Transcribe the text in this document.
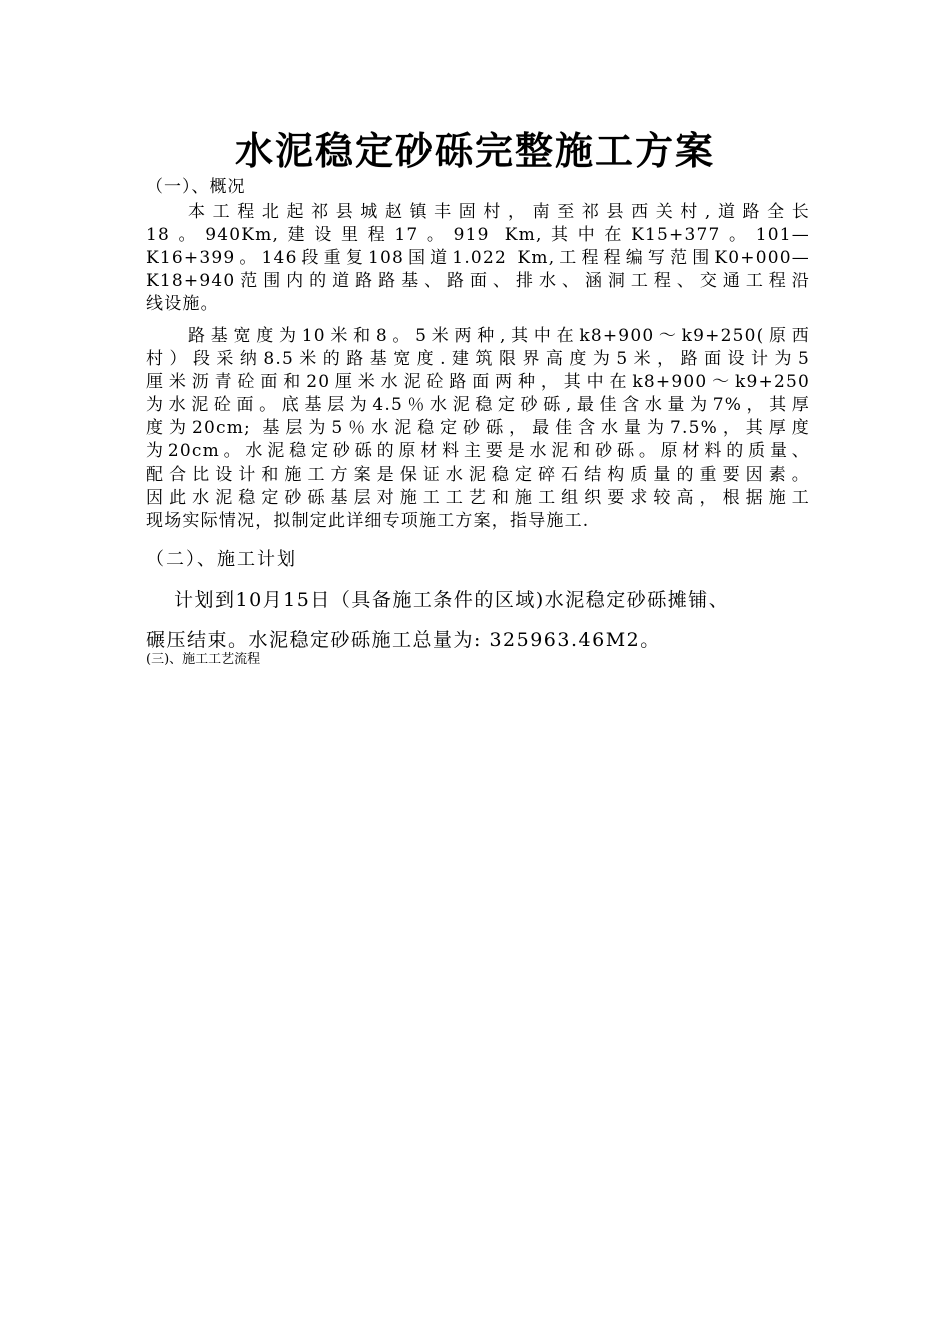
水泥稳定砂砾完整施工方案
（一）、概况
本工程北起祁县城赵镇丰固村，南至祁县西关村,道路全长
18。940Km,建设里程17。919 Km,其中在K15+377。101—
K16+399。146段重复108国道1.022 Km,工程程编写范围K0+000—
K18+940范围内的道路路基、路面、排水、涵洞工程、交通工程沿
线设施。
路基宽度为10米和8。5米两种,其中在k8+900～k9+250(原西
村）段采纳8.5米的路基宽度.建筑限界高度为5米，路面设计为5
厘米沥青砼面和20厘米水泥砼路面两种，其中在k8+900～k9+250
为水泥砼面。底基层为4.5％水泥稳定砂砾,最佳含水量为7%，其厚
度为20cm; 基层为5％水泥稳定砂砾，最佳含水量为7.5%，其厚度
为20cm。水泥稳定砂砾的原材料主要是水泥和砂砾。原材料的质量、
配合比设计和施工方案是保证水泥稳定碎石结构质量的重要因素。
因此水泥稳定砂砾基层对施工工艺和施工组织要求较高，根据施工
现场实际情况，拟制定此详细专项施工方案，指导施工.
（二）、施工计划
计划到10月15日（具备施工条件的区域)水泥稳定砂砾摊铺、
碾压结束。水泥稳定砂砾施工总量为: 325963.46M2。
(三)、施工工艺流程
